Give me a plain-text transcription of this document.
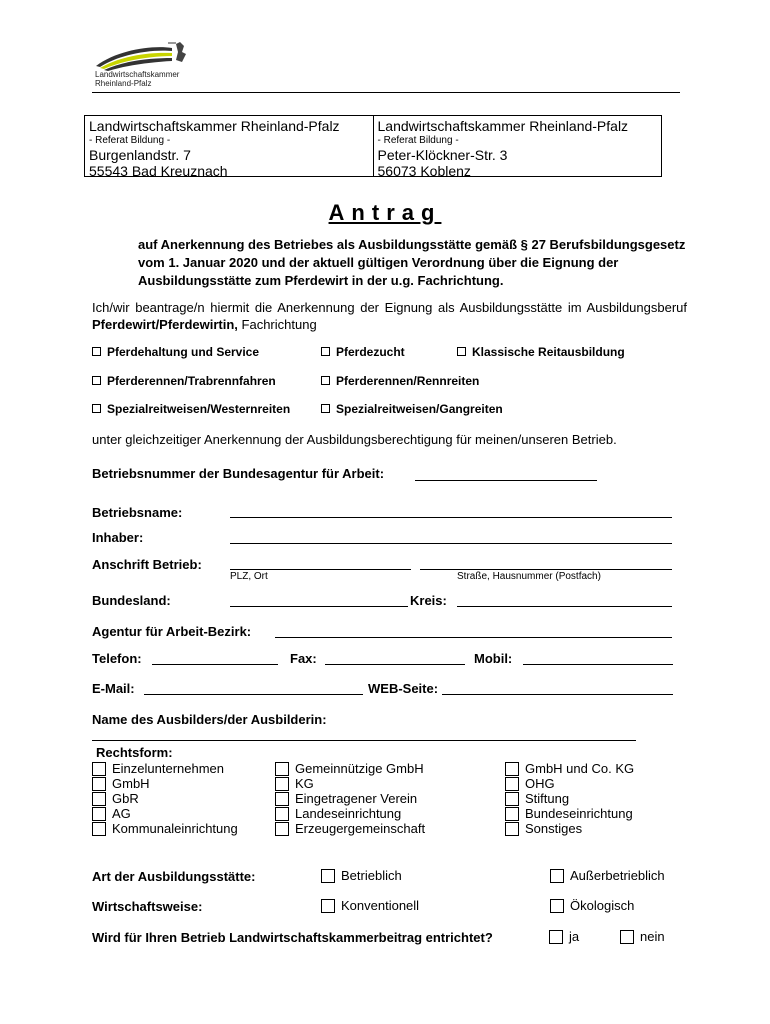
Landwirtschaftskammer
Rheinland-Pfalz
Landwirtschaftskammer Rheinland-Pfalz
- Referat Bildung -
Burgenlandstr. 7
55543 Bad Kreuznach
Landwirtschaftskammer Rheinland-Pfalz
- Referat Bildung -
Peter-Klöckner-Str. 3
56073 Koblenz
Antrag
auf Anerkennung des Betriebes als Ausbildungsstätte gemäß § 27 Berufsbildungsgesetz vom 1. Januar 2020 und der aktuell gültigen Verordnung über die Eignung der Ausbildungsstätte zum Pferdewirt in der u.g. Fachrichtung.
Ich/wir beantrage/n hiermit die Anerkennung der Eignung als Ausbildungsstätte im Ausbildungsberuf Pferdewirt/Pferdewirtin, Fachrichtung
Pferdehaltung und Service	Pferdezucht	Klassische Reitausbildung
Pferderennen/Trabrennfahren	Pferderennen/Rennreiten
Spezialreitweisen/Westernreiten	Spezialreitweisen/Gangreiten
unter gleichzeitiger Anerkennung der Ausbildungsberechtigung für meinen/unseren Betrieb.
Betriebsnummer der Bundesagentur für Arbeit:
Betriebsname:
Inhaber:
Anschrift Betrieb:
PLZ, Ort	Straße, Hausnummer (Postfach)
Bundesland:	Kreis:
Agentur für Arbeit-Bezirk:
Telefon:	Fax:	Mobil:
E-Mail:	WEB-Seite:
Name des Ausbilders/der Ausbilderin:
Rechtsform:
Einzelunternehmen
GmbH
GbR
AG
Kommunaleinrichtung
Gemeinnützige GmbH
KG
Eingetragener Verein
Landeseinrichtung
Erzeugergemeinschaft
GmbH und Co. KG
OHG
Stiftung
Bundeseinrichtung
Sonstiges
Art der Ausbildungsstätte:	Betrieblich	Außerbetrieblich
Wirtschaftsweise:	Konventionell	Ökologisch
Wird für Ihren Betrieb Landwirtschaftskammerbeitrag entrichtet?	ja	nein
